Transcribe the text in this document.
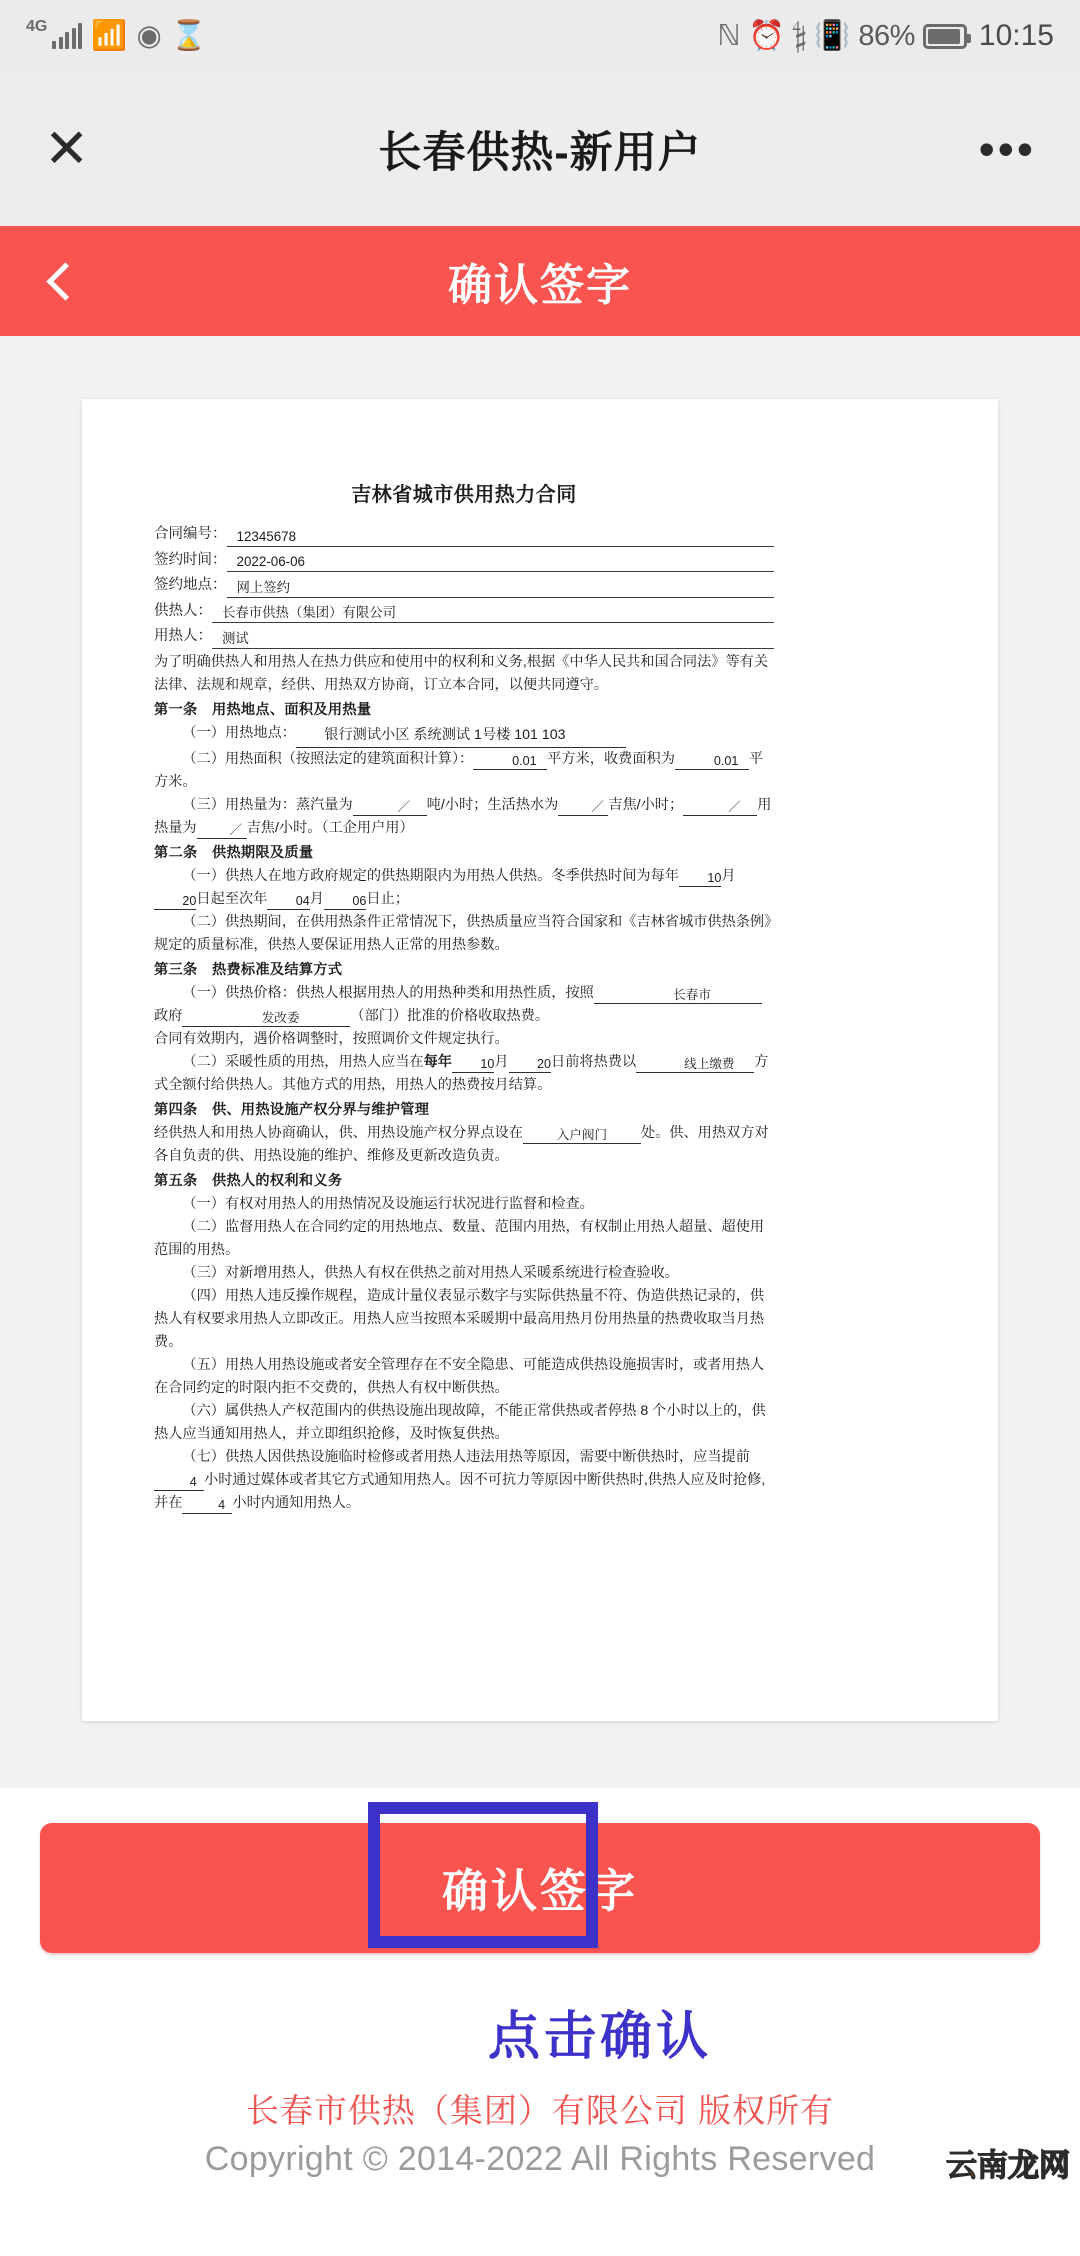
4G 📶 ◉ ⌛	ℕ ⏰ 𝄲 📳 86% 10:15
✕	长春供热-新用户	•••
确认签字
吉林省城市供用热力合同
合同编号： 12345678
签约时间： 2022-06-06
签约地点： 网上签约
供热人： 长春市供热（集团）有限公司
用热人： 测试

为了明确供热人和用热人在热力供应和使用中的权利和义务,根据《中华人民共和国合同法》等有关法律、法规和规章，经供、用热双方协商，订立本合同，以便共同遵守。

第一条　用热地点、面积及用热量

（一）用热地点： 银行测试小区 系统测试 1号楼 101 103

（二）用热面积（按照法定的建筑面积计算）：	0.01 平方米，收费面积为	0.01 平方米。

（三）用热量为：蒸汽量为	／ 吨/小时；生活热水为	／ 吉焦/小时；	／ 用热量为	／ 吉焦/小时。（工企用户用）

第二条　供热期限及质量

（一）供热人在地方政府规定的供热期限内为用热人供热。冬季供热时间为每年 10月20日起至次年 04月 06日止；

（二）供热期间，在供用热条件正常情况下，供热质量应当符合国家和《吉林省城市供热条例》规定的质量标准，供热人要保证用热人正常的用热参数。

第三条　热费标准及结算方式

（一）供热价格：供热人根据用热人的用热种类和用热性质，按照	长春市政府	发改委	（部门）批准的价格收取热费。

合同有效期内，遇价格调整时，按照调价文件规定执行。

（二）采暖性质的用热，用热人应当在每年 10月 20日前将热费以	线上缴费 方式全额付给供热人。其他方式的用热，用热人的热费按月结算。

第四条　供、用热设施产权分界与维护管理

经供热人和用热人协商确认，供、用热设施产权分界点设在	入户阀门 处。供、用热双方对各自负责的供、用热设施的维护、维修及更新改造负责。

第五条　供热人的权利和义务

（一）有权对用热人的用热情况及设施运行状况进行监督和检查。

（二）监督用热人在合同约定的用热地点、数量、范围内用热，有权制止用热人超量、超使用范围的用热。

（三）对新增用热人，供热人有权在供热之前对用热人采暖系统进行检查验收。

（四）用热人违反操作规程，造成计量仪表显示数字与实际供热量不符、伪造供热记录的，供热人有权要求用热人立即改正。用热人应当按照本采暖期中最高用热月份用热量的热费收取当月热费。

（五）用热人用热设施或者安全管理存在不安全隐患、可能造成供热设施损害时，或者用热人在合同约定的时限内拒不交费的，供热人有权中断供热。

（六）属供热人产权范围内的供热设施出现故障，不能正常供热或者停热 8 个小时以上的，供热人应当通知用热人，并立即组织抢修，及时恢复供热。

（七）供热人因供热设施临时检修或者用热人违法用热等原因，需要中断供热时，应当提前4 小时通过媒体或者其它方式通知用热人。因不可抗力等原因中断供热时,供热人应及时抢修,并在	4 小时内通知用热人。

确认签字
点击确认
长春市供热（集团）有限公司 版权所有
Copyright © 2014-2022 All Rights Reserved	云南龙网
